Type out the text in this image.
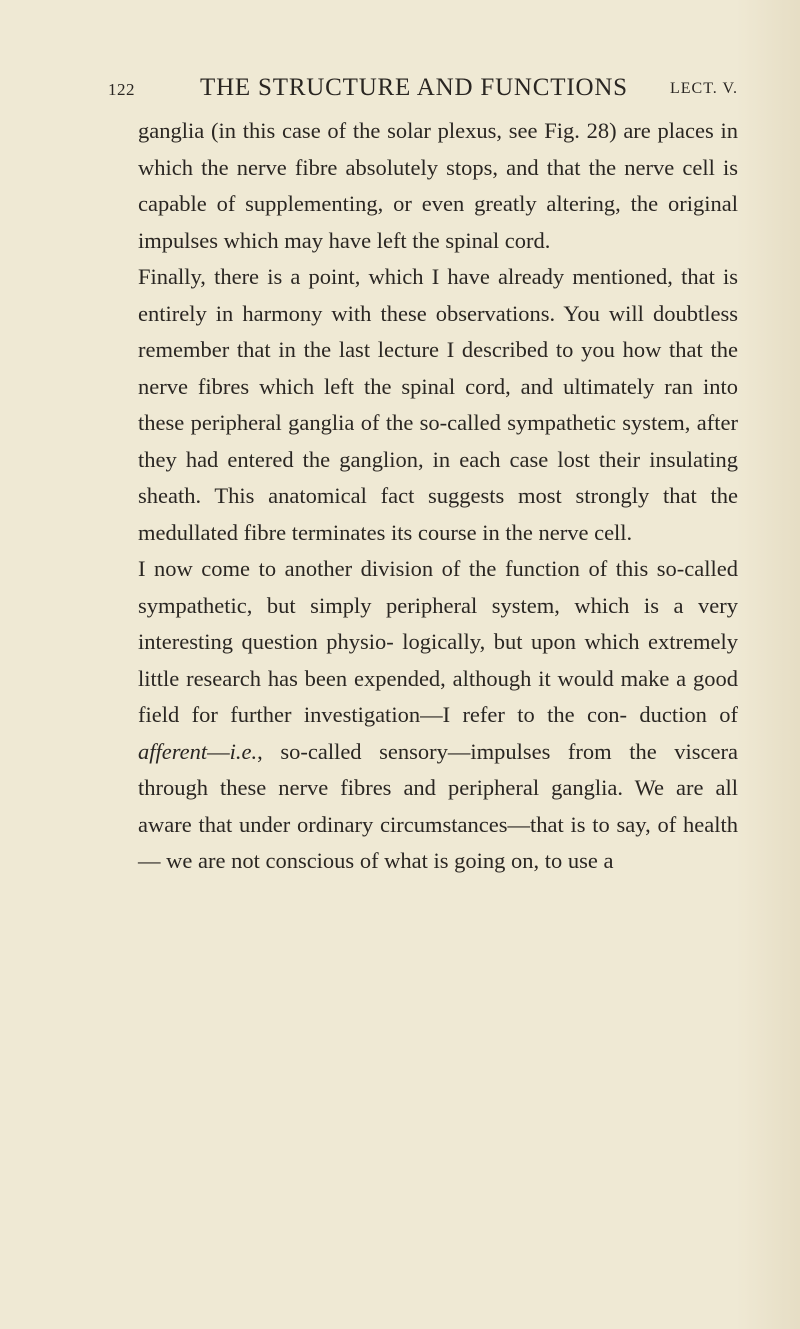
122	THE STRUCTURE AND FUNCTIONS	LECT. V.

ganglia (in this case of the solar plexus, see Fig. 28) are places in which the nerve fibre absolutely stops, and that the nerve cell is capable of supplementing, or even greatly altering, the original impulses which may have left the spinal cord.

Finally, there is a point, which I have already mentioned, that is entirely in harmony with these observations. You will doubtless remember that in the last lecture I described to you how that the nerve fibres which left the spinal cord, and ultimately ran into these peripheral ganglia of the so-called sympathetic system, after they had entered the ganglion, in each case lost their insulating sheath. This anatomical fact suggests most strongly that the medullated fibre terminates its course in the nerve cell.

I now come to another division of the function of this so-called sympathetic, but simply peripheral system, which is a very interesting question physio- logically, but upon which extremely little research has been expended, although it would make a good field for further investigation—I refer to the con- duction of afferent—i.e., so-called sensory—impulses from the viscera through these nerve fibres and peripheral ganglia. We are all aware that under ordinary circumstances—that is to say, of health— we are not conscious of what is going on, to use a
